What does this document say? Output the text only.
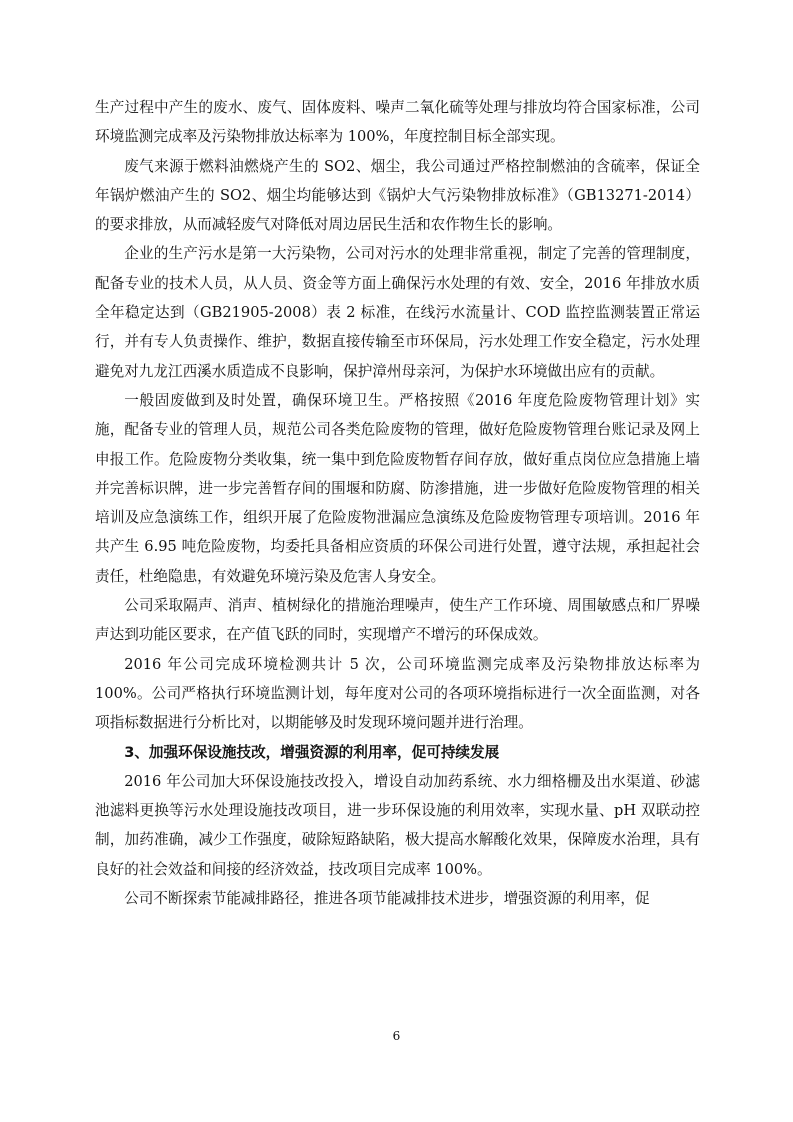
生产过程中产生的废水、废气、固体废料、噪声二氧化硫等处理与排放均符合国家标准，公司环境监测完成率及污染物排放达标率为 100%，年度控制目标全部实现。

废气来源于燃料油燃烧产生的 SO2、烟尘，我公司通过严格控制燃油的含硫率，保证全年锅炉燃油产生的 SO2、烟尘均能够达到《锅炉大气污染物排放标准》（GB13271-2014）的要求排放，从而减轻废气对降低对周边居民生活和农作物生长的影响。

企业的生产污水是第一大污染物，公司对污水的处理非常重视，制定了完善的管理制度，配备专业的技术人员，从人员、资金等方面上确保污水处理的有效、安全，2016 年排放水质全年稳定达到（GB21905-2008）表 2 标准，在线污水流量计、COD 监控监测装置正常运行，并有专人负责操作、维护，数据直接传输至市环保局，污水处理工作安全稳定，污水处理避免对九龙江西溪水质造成不良影响，保护漳州母亲河，为保护水环境做出应有的贡献。

一般固废做到及时处置，确保环境卫生。严格按照《2016 年度危险废物管理计划》实施，配备专业的管理人员，规范公司各类危险废物的管理，做好危险废物管理台账记录及网上申报工作。危险废物分类收集，统一集中到危险废物暂存间存放，做好重点岗位应急措施上墙并完善标识牌，进一步完善暂存间的围堰和防腐、防渗措施，进一步做好危险废物管理的相关培训及应急演练工作，组织开展了危险废物泄漏应急演练及危险废物管理专项培训。2016 年共产生 6.95 吨危险废物，均委托具备相应资质的环保公司进行处置，遵守法规，承担起社会责任，杜绝隐患，有效避免环境污染及危害人身安全。

公司采取隔声、消声、植树绿化的措施治理噪声，使生产工作环境、周围敏感点和厂界噪声达到功能区要求，在产值飞跃的同时，实现增产不增污的环保成效。

2016 年公司完成环境检测共计 5 次，公司环境监测完成率及污染物排放达标率为 100%。公司严格执行环境监测计划，每年度对公司的各项环境指标进行一次全面监测，对各项指标数据进行分析比对，以期能够及时发现环境问题并进行治理。

3、加强环保设施技改，增强资源的利用率，促可持续发展

2016 年公司加大环保设施技改投入，增设自动加药系统、水力细格栅及出水渠道、砂滤池滤料更换等污水处理设施技改项目，进一步环保设施的利用效率，实现水量、pH 双联动控制，加药准确，减少工作强度，破除短路缺陷，极大提高水解酸化效果，保障废水治理，具有良好的社会效益和间接的经济效益，技改项目完成率 100%。

公司不断探索节能减排路径，推进各项节能减排技术进步，增强资源的利用率，促

6
